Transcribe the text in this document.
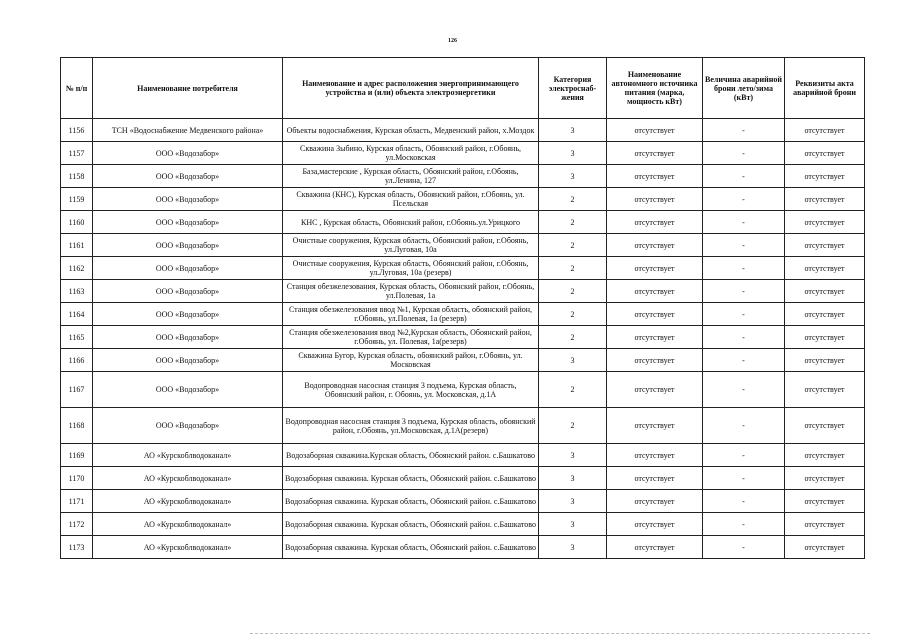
126
№ п/п	Наименование потребителя	Наименование и адрес расположения энергопринимающего устройства и (или) объекта электроэнергетики	Категория электроснаб-жения	Наименование автономного источника питания (марка, мощность кВт)	Величина аварийной брони лето/зима (кВт)	Реквизиты акта аварийной брони
1156	ТСН «Водоснабжение Медвенского района»	Объекты водоснабжения, Курская область, Медвенский район, х.Моздок	3	отсутствует	-	отсутствует
1157	ООО «Водозабор»	Скважина Зыбино, Курская область, Обоянский район, г.Обоянь, ул.Московская	3	отсутствует	-	отсутствует
1158	ООО «Водозабор»	База,мастерские , Курская область, Обоянский район, г.Обоянь, ул.Ленина, 127	3	отсутствует	-	отсутствует
1159	ООО «Водозабор»	Скважина (КНС), Курская область, Обоянский район, г.Обоянь, ул. Псельская	2	отсутствует	-	отсутствует
1160	ООО «Водозабор»	КНС , Курская область, Обоянский район, г.Обоянь.ул.Урицкого	2	отсутствует	-	отсутствует
1161	ООО «Водозабор»	Очистные сооружения, Курская область, Обоянский район, г.Обоянь, ул.Луговая, 10а	2	отсутствует	-	отсутствует
1162	ООО «Водозабор»	Очистные сооружения, Курская область, Обоянский район, г.Обоянь, ул.Луговая, 10а (резерв)	2	отсутствует	-	отсутствует
1163	ООО «Водозабор»	Станция обезжелезования, Курская область, Обоянский район, г.Обоянь, ул.Полевая, 1а	2	отсутствует	-	отсутствует
1164	ООО «Водозабор»	Станция обезжелезования ввод №1, Курская область, обоянский район, г.Обоянь, ул.Полевая, 1а (резерв)	2	отсутствует	-	отсутствует
1165	ООО «Водозабор»	Станция обезжелезования ввод №2,Курская область, Обоянский район, г.Обоянь, ул. Полевая, 1а(резерв)	2	отсутствует	-	отсутствует
1166	ООО «Водозабор»	Скважина Бугор, Курская область, обоянский район, г.Обоянь, ул. Московская	3	отсутствует	-	отсутствует
1167	ООО «Водозабор»	Водопроводная насосная станция 3 подъема, Курская область, Обоянский район, г. Обоянь, ул. Московская, д.1А	2	отсутствует	-	отсутствует
1168	ООО «Водозабор»	Водопроводная насосная станция 3 подъема, Курская область, обоянский район, г.Обоянь, ул.Московская, д.1А(резерв)	2	отсутствует	-	отсутствует
1169	АО «Курскоблводоканал»	Водозаборная скважина.Курская область, Обоянский район. с.Башкатово	3	отсутствует	-	отсутствует
1170	АО «Курскоблводоканал»	Водозаборная скважина. Курская область, Обоянский район. с.Башкатово	3	отсутствует	-	отсутствует
1171	АО «Курскоблводоканал»	Водозаборная скважина. Курская область, Обоянский район. с.Башкатово	3	отсутствует	-	отсутствует
1172	АО «Курскоблводоканал»	Водозаборная скважина. Курская область, Обоянский район. с.Башкатово	3	отсутствует	-	отсутствует
1173	АО «Курскоблводоканал»	Водозаборная скважина. Курская область, Обоянский район. с.Башкатово	3	отсутствует	-	отсутствует
